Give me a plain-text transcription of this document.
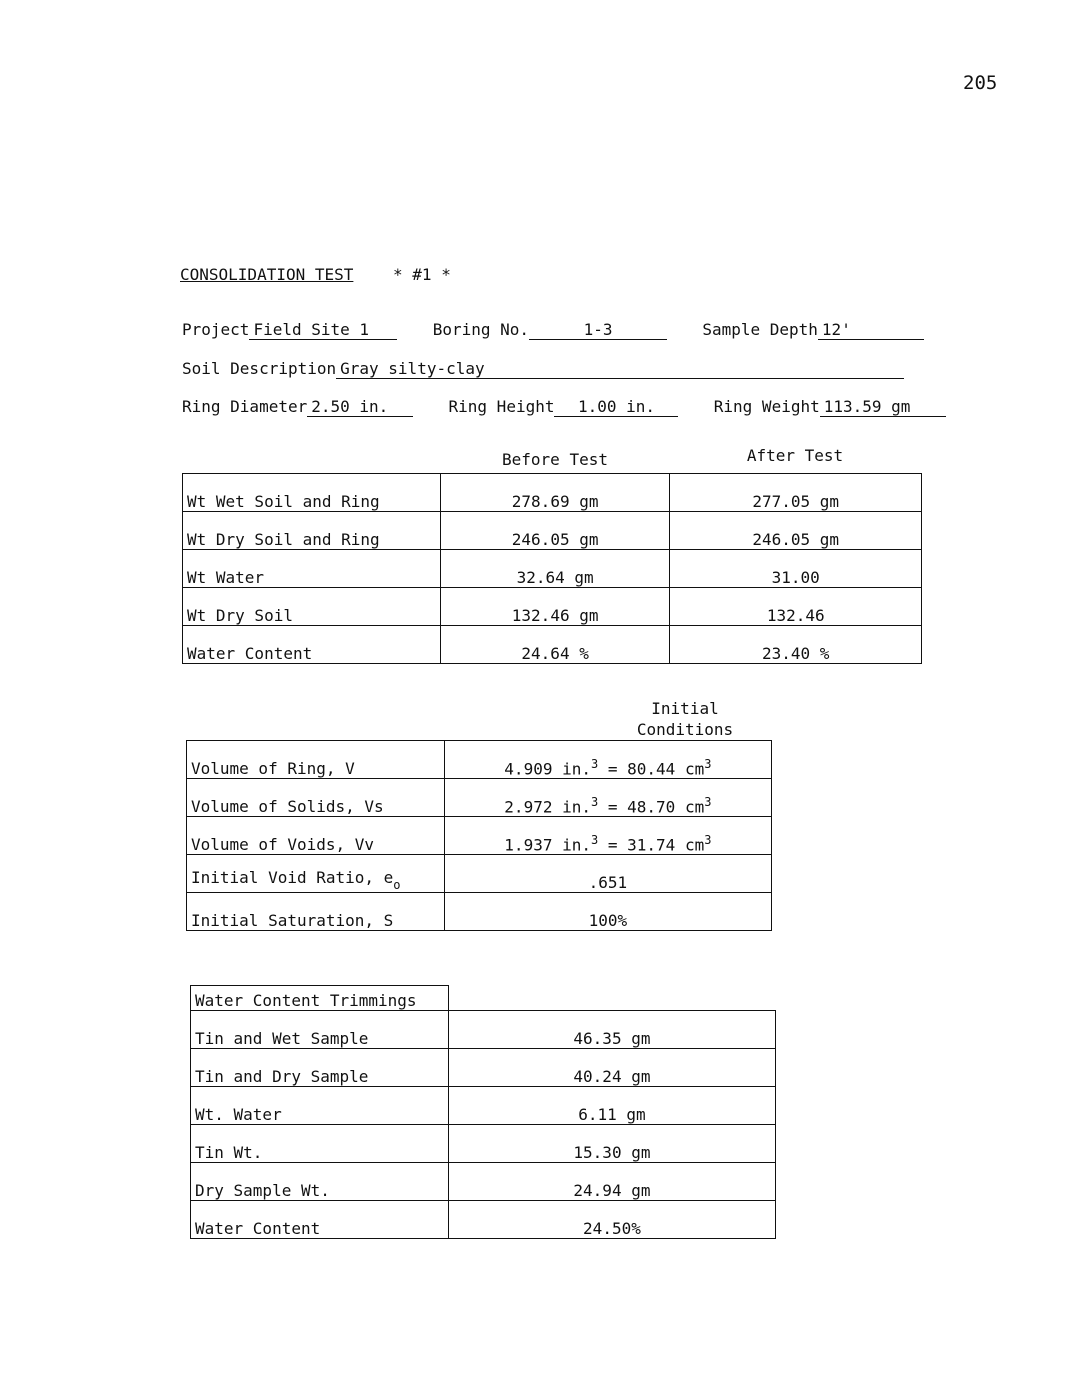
205
CONSOLIDATION TEST * #1 *
Project Field Site 1	Boring No.	1-3	Sample Depth 12'
Soil Description Gray silty-clay
Ring Diameter 2.50 in.	Ring Height 1.00 in.	Ring Weight 113.59 gm
Before Test	After Test
Wt Wet Soil and Ring	278.69 gm	277.05 gm
Wt Dry Soil and Ring	246.05 gm	246.05 gm
Wt Water	32.64 gm	31.00
Wt Dry Soil	132.46 gm	132.46
Water Content	24.64 %	23.40 %
Initial
Conditions
Volume of Ring, V	4.909 in.$^3$ = 80.44 $cm^3$
Volume of Solids, Vs	2.972 in.$^3$ = 48.70 $cm^3$
Volume of Voids, Vv	1.937 in.$^3$ = 31.74 $cm^3$
Initial Void Ratio, $e_o$	.651
Initial Saturation, S	100%
Water Content Trimmings	
Tin and Wet Sample	46.35 gm
Tin and Dry Sample	40.24 gm
Wt. Water	6.11 gm
Tin Wt.	15.30 gm
Dry Sample Wt.	24.94 gm
Water Content	24.50%
